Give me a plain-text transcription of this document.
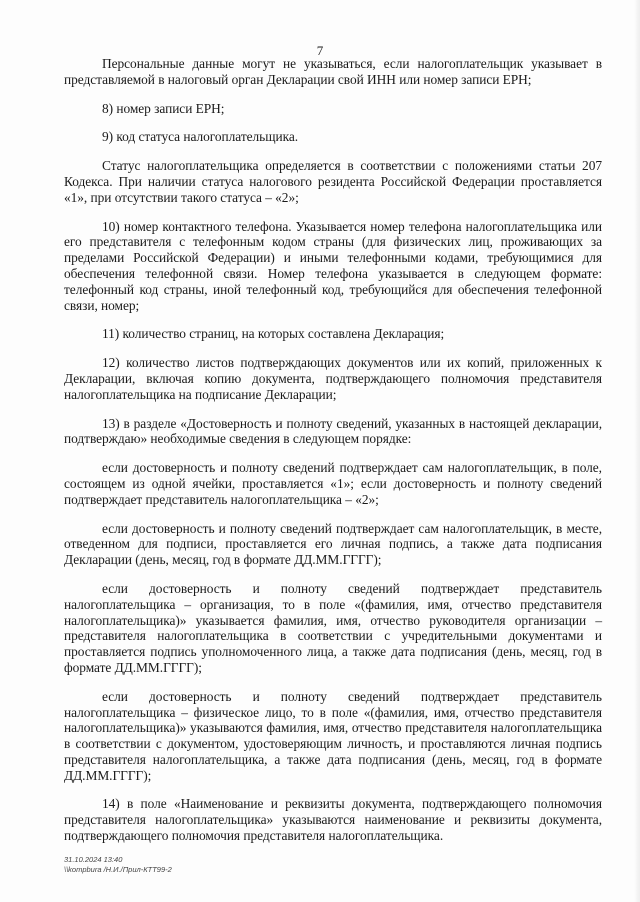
7

Персональные данные могут не указываться, если налогоплательщик указывает в представляемой в налоговый орган Декларации свой ИНН или номер записи ЕРН;

8) номер записи ЕРН;

9) код статуса налогоплательщика.

Статус налогоплательщика определяется в соответствии с положениями статьи 207 Кодекса. При наличии статуса налогового резидента Российской Федерации проставляется «1», при отсутствии такого статуса – «2»;

10) номер контактного телефона. Указывается номер телефона налогоплательщика или его представителя с телефонным кодом страны (для физических лиц, проживающих за пределами Российской Федерации) и иными телефонными кодами, требующимися для обеспечения телефонной связи. Номер телефона указывается в следующем формате: телефонный код страны, иной телефонный код, требующийся для обеспечения телефонной связи, номер;

11) количество страниц, на которых составлена Декларация;

12) количество листов подтверждающих документов или их копий, приложенных к Декларации, включая копию документа, подтверждающего полномочия представителя налогоплательщика на подписание Декларации;

13) в разделе «Достоверность и полноту сведений, указанных в настоящей декларации, подтверждаю» необходимые сведения в следующем порядке:

если достоверность и полноту сведений подтверждает сам налогоплательщик, в поле, состоящем из одной ячейки, проставляется «1»; если достоверность и полноту сведений подтверждает представитель налогоплательщика – «2»;

если достоверность и полноту сведений подтверждает сам налогоплательщик, в месте, отведенном для подписи, проставляется его личная подпись, а также дата подписания Декларации (день, месяц, год в формате ДД.ММ.ГГГГ);

если достоверность и полноту сведений подтверждает представитель налогоплательщика – организация, то в поле «(фамилия, имя, отчество представителя налогоплательщика)» указывается фамилия, имя, отчество руководителя организации – представителя налогоплательщика в соответствии с учредительными документами и проставляется подпись уполномоченного лица, а также дата подписания (день, месяц, год в формате ДД.ММ.ГГГГ);

если достоверность и полноту сведений подтверждает представитель налогоплательщика – физическое лицо, то в поле «(фамилия, имя, отчество представителя налогоплательщика)» указываются фамилия, имя, отчество представителя налогоплательщика в соответствии с документом, удостоверяющим личность, и проставляются личная подпись представителя налогоплательщика, а также дата подписания (день, месяц, год в формате ДД.ММ.ГГГГ);

14) в поле «Наименование и реквизиты документа, подтверждающего полномочия представителя налогоплательщика» указываются наименование и реквизиты документа, подтверждающего полномочия представителя налогоплательщика.

31.10.2024 13:40
\\kompbura /Н.И./Прил-КТТ99-2
